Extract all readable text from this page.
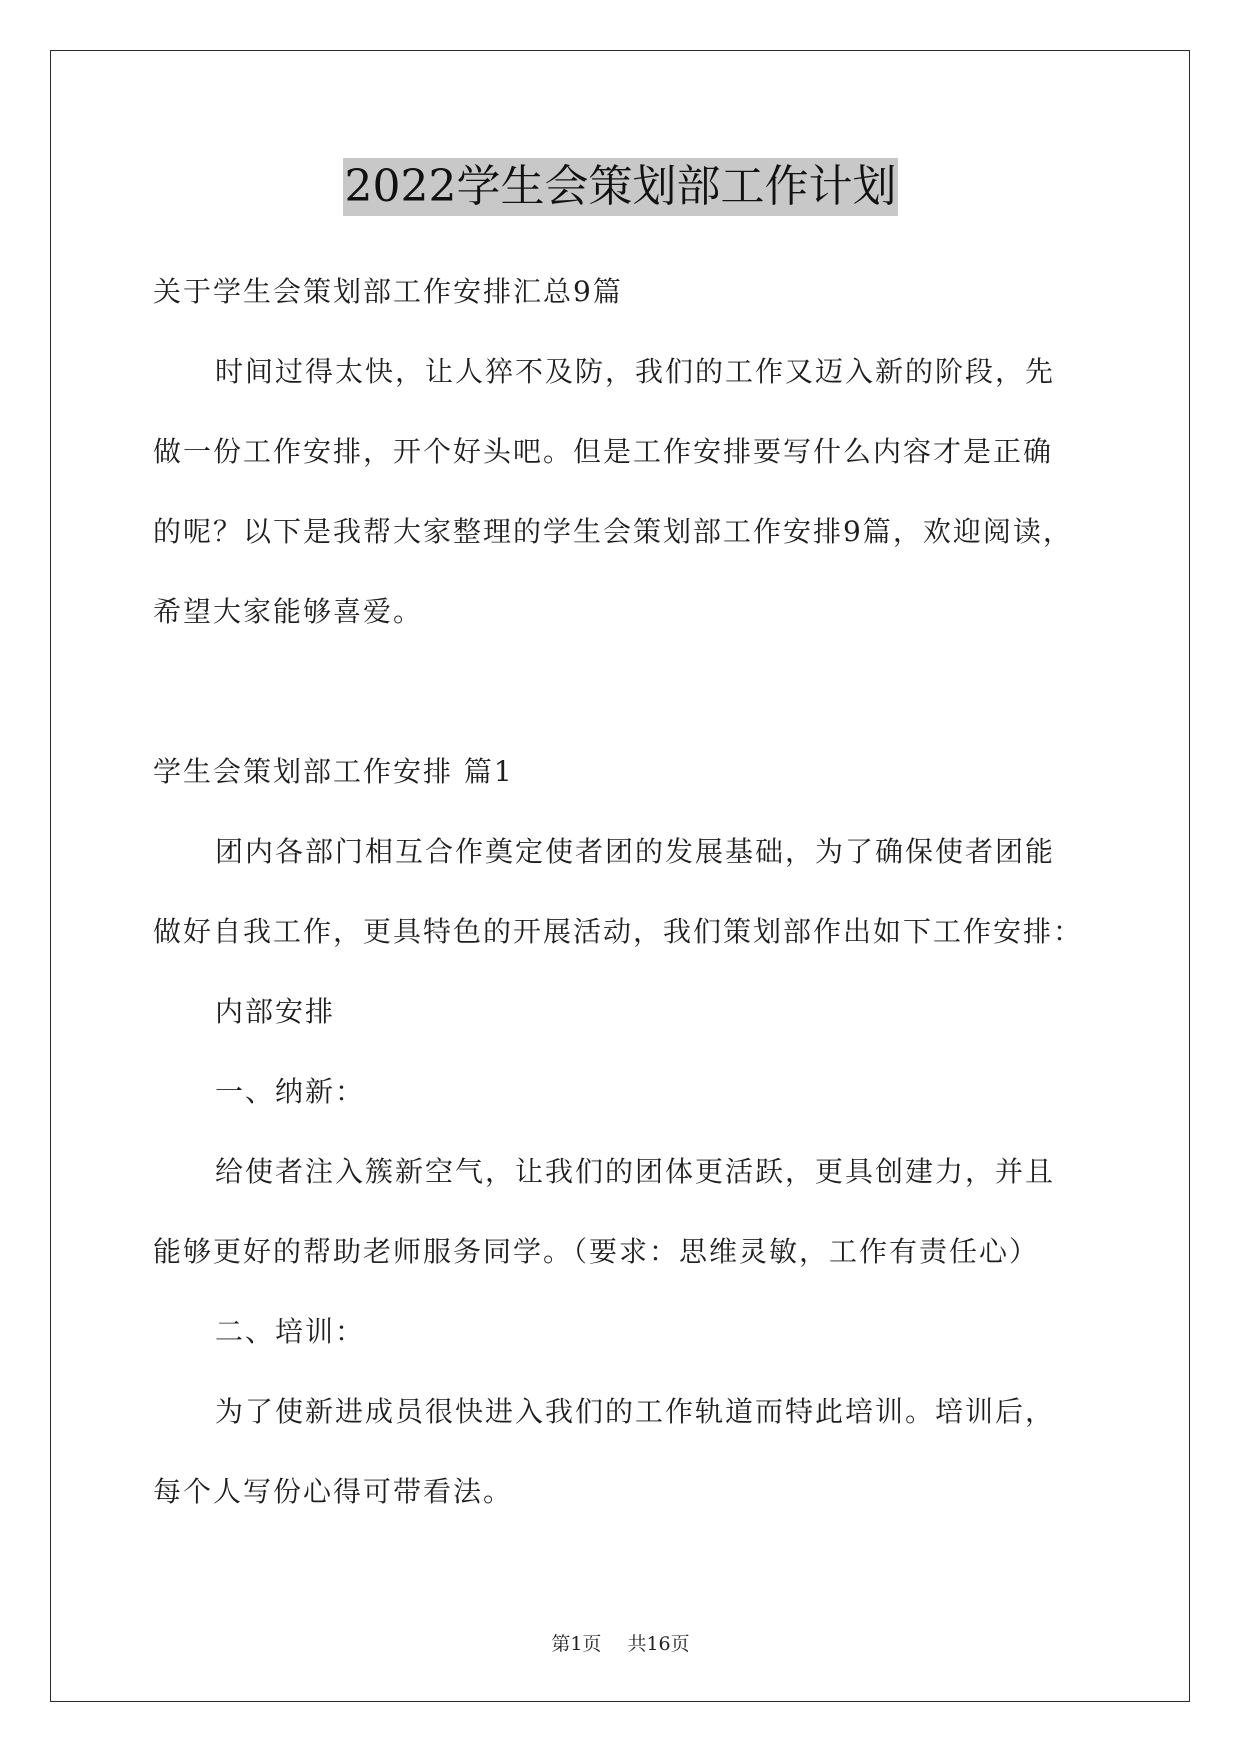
2022学生会策划部工作计划
关于学生会策划部工作安排汇总9篇
时间过得太快，让人猝不及防，我们的工作又迈入新的阶段，先
做一份工作安排，开个好头吧。但是工作安排要写什么内容才是正确
的呢？以下是我帮大家整理的学生会策划部工作安排9篇，欢迎阅读，
希望大家能够喜爱。
学生会策划部工作安排 篇1
团内各部门相互合作奠定使者团的发展基础，为了确保使者团能
做好自我工作，更具特色的开展活动，我们策划部作出如下工作安排：
内部安排
一、纳新：
给使者注入簇新空气，让我们的团体更活跃，更具创建力，并且
能够更好的帮助老师服务同学。（要求：思维灵敏，工作有责任心）
二、培训：
为了使新进成员很快进入我们的工作轨道而特此培训。培训后，
每个人写份心得可带看法。
第1页 共16页
